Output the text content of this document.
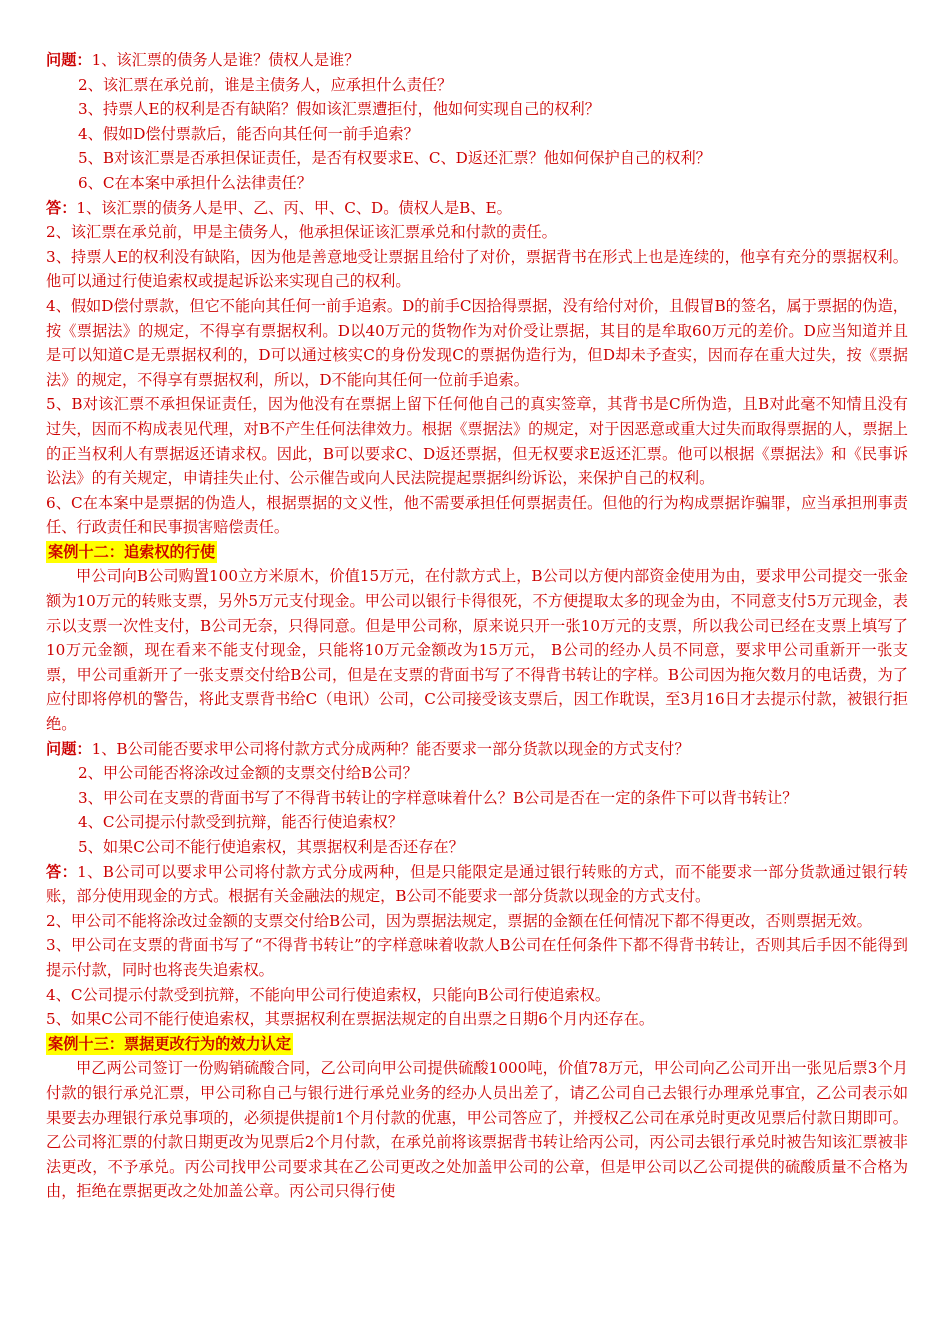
问题：1、该汇票的债务人是谁？债权人是谁？
2、该汇票在承兑前，谁是主债务人，应承担什么责任？
3、持票人E的权利是否有缺陷？假如该汇票遭拒付，他如何实现自己的权利？
4、假如D偿付票款后，能否向其任何一前手追索？
5、B对该汇票是否承担保证责任，是否有权要求E、C、D返还汇票？他如何保护自己的权利？
6、C在本案中承担什么法律责任？
答：1、该汇票的债务人是甲、乙、丙、甲、C、D。债权人是B、E。
2、该汇票在承兑前，甲是主债务人，他承担保证该汇票承兑和付款的责任。
3、持票人E的权利没有缺陷，因为他是善意地受让票据且给付了对价，票据背书在形式上也是连续的，他享有充分的票据权利。他可以通过行使追索权或提起诉讼来实现自己的权利。
4、假如D偿付票款，但它不能向其任何一前手追索。D的前手C因拾得票据，没有给付对价，且假冒B的签名，属于票据的伪造，按《票据法》的规定，不得享有票据权利。D以40万元的货物作为对价受让票据，其目的是牟取60万元的差价。D应当知道并且是可以知道C是无票据权利的，D可以通过核实C的身份发现C的票据伪造行为，但D却未予查实，因而存在重大过失，按《票据法》的规定，不得享有票据权利，所以，D不能向其任何一位前手追索。
5、B对该汇票不承担保证责任，因为他没有在票据上留下任何他自己的真实签章，其背书是C所伪造，且B对此毫不知情且没有过失，因而不构成表见代理，对B不产生任何法律效力。根据《票据法》的规定，对于因恶意或重大过失而取得票据的人，票据上的正当权利人有票据返还请求权。因此，B可以要求C、D返还票据，但无权要求E返还汇票。他可以根据《票据法》和《民事诉讼法》的有关规定，申请挂失止付、公示催告或向人民法院提起票据纠纷诉讼，来保护自己的权利。
6、C在本案中是票据的伪造人，根据票据的文义性，他不需要承担任何票据责任。但他的行为构成票据诈骗罪，应当承担刑事责任、行政责任和民事损害赔偿责任。
案例十二：追索权的行使
甲公司向B公司购置100立方米原木，价值15万元，在付款方式上，B公司以方便内部资金使用为由，要求甲公司提交一张金额为10万元的转账支票，另外5万元支付现金。甲公司以银行卡得很死，不方便提取太多的现金为由，不同意支付5万元现金，表示以支票一次性支付，B公司无奈，只得同意。但是甲公司称，原来说只开一张10万元的支票，所以我公司已经在支票上填写了10万元金额，现在看来不能支付现金，只能将10万元金额改为15万元， B公司的经办人员不同意，要求甲公司重新开一张支票，甲公司重新开了一张支票交付给B公司，但是在支票的背面书写了不得背书转让的字样。B公司因为拖欠数月的电话费，为了应付即将停机的警告，将此支票背书给C（电讯）公司，C公司接受该支票后，因工作耽误，至3月16日才去提示付款，被银行拒绝。
问题：1、B公司能否要求甲公司将付款方式分成两种？能否要求一部分货款以现金的方式支付？
2、甲公司能否将涂改过金额的支票交付给B公司？
3、甲公司在支票的背面书写了不得背书转让的字样意味着什么？B公司是否在一定的条件下可以背书转让？
4、C公司提示付款受到抗辩，能否行使追索权？
5、如果C公司不能行使追索权，其票据权利是否还存在？
答：1、B公司可以要求甲公司将付款方式分成两种，但是只能限定是通过银行转账的方式，而不能要求一部分货款通过银行转账，部分使用现金的方式。根据有关金融法的规定，B公司不能要求一部分货款以现金的方式支付。
2、甲公司不能将涂改过金额的支票交付给B公司，因为票据法规定，票据的金额在任何情况下都不得更改，否则票据无效。
3、甲公司在支票的背面书写了“不得背书转让”的字样意味着收款人B公司在任何条件下都不得背书转让，否则其后手因不能得到提示付款，同时也将丧失追索权。
4、C公司提示付款受到抗辩，不能向甲公司行使追索权，只能向B公司行使追索权。
5、如果C公司不能行使追索权，其票据权利在票据法规定的自出票之日期6个月内还存在。
案例十三：票据更改行为的效力认定
甲乙两公司签订一份购销硫酸合同，乙公司向甲公司提供硫酸1000吨，价值78万元，甲公司向乙公司开出一张见后票3个月付款的银行承兑汇票，甲公司称自己与银行进行承兑业务的经办人员出差了，请乙公司自己去银行办理承兑事宜，乙公司表示如果要去办理银行承兑事项的，必须提供提前1个月付款的优惠，甲公司答应了，并授权乙公司在承兑时更改见票后付款日期即可。乙公司将汇票的付款日期更改为见票后2个月付款，在承兑前将该票据背书转让给丙公司，丙公司去银行承兑时被告知该汇票被非法更改，不予承兑。丙公司找甲公司要求其在乙公司更改之处加盖甲公司的公章，但是甲公司以乙公司提供的硫酸质量不合格为由，拒绝在票据更改之处加盖公章。丙公司只得行使
